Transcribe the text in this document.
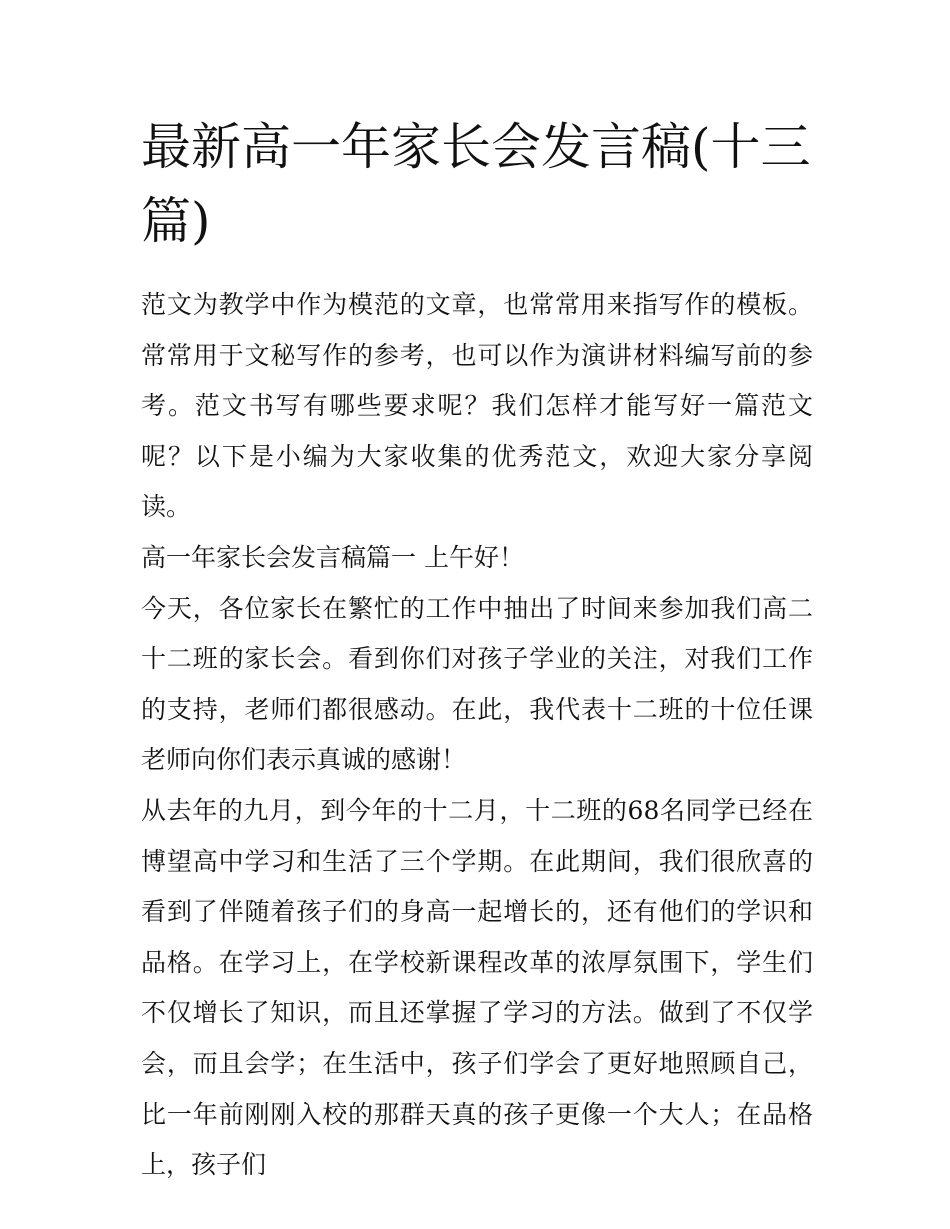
最新高一年家长会发言稿(十三篇)

范文为教学中作为模范的文章，也常常用来指写作的模板。常常用于文秘写作的参考，也可以作为演讲材料编写前的参考。范文书写有哪些要求呢？我们怎样才能写好一篇范文呢？以下是小编为大家收集的优秀范文，欢迎大家分享阅读。

高一年家长会发言稿篇一 上午好！

今天，各位家长在繁忙的工作中抽出了时间来参加我们高二十二班的家长会。看到你们对孩子学业的关注，对我们工作的支持，老师们都很感动。在此，我代表十二班的十位任课老师向你们表示真诚的感谢！

从去年的九月，到今年的十二月，十二班的68名同学已经在博望高中学习和生活了三个学期。在此期间，我们很欣喜的看到了伴随着孩子们的身高一起增长的，还有他们的学识和品格。在学习上，在学校新课程改革的浓厚氛围下，学生们不仅增长了知识，而且还掌握了学习的方法。做到了不仅学会，而且会学；在生活中，孩子们学会了更好地照顾自己，比一年前刚刚入校的那群天真的孩子更像一个大人；在品格上，孩子们
